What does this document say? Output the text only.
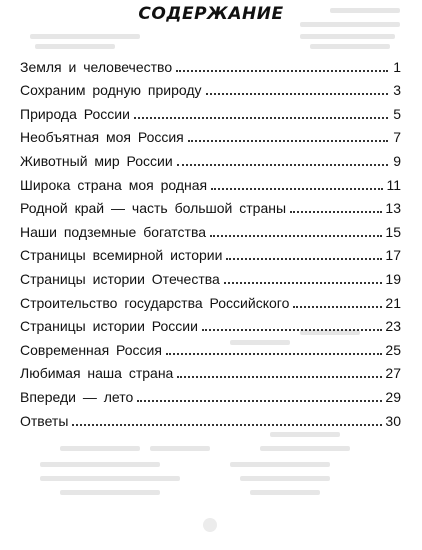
СОДЕРЖАНИЕ
Земля и человечество	1
Сохраним родную природу	3
Природа России	5
Необъятная моя Россия	7
Животный мир России	9
Широка страна моя родная	11
Родной край — часть большой страны	13
Наши подземные богатства	15
Страницы всемирной истории	17
Страницы истории Отечества	19
Строительство государства Российского	21
Страницы истории России	23
Современная Россия	25
Любимая наша страна	27
Впереди — лето	29
Ответы	30
